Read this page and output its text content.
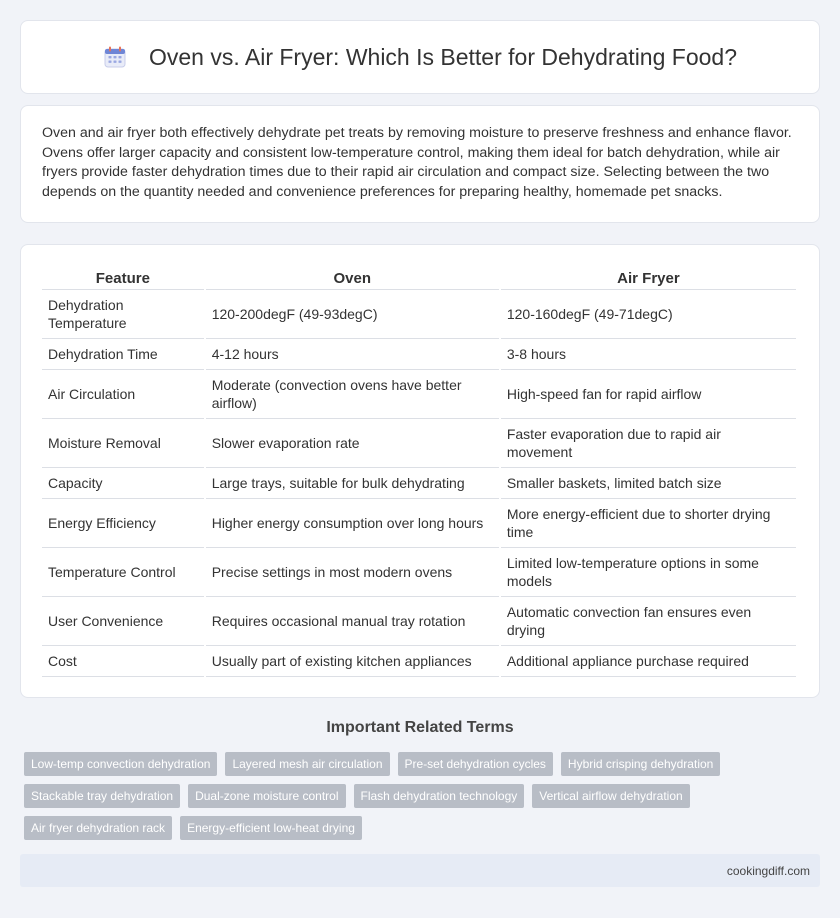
Oven vs. Air Fryer: Which Is Better for Dehydrating Food?

Oven and air fryer both effectively dehydrate pet treats by removing moisture to preserve freshness and enhance flavor. Ovens offer larger capacity and consistent low-temperature control, making them ideal for batch dehydration, while air fryers provide faster dehydration times due to their rapid air circulation and compact size. Selecting between the two depends on the quantity needed and convenience preferences for preparing healthy, homemade pet snacks.

Feature	Oven	Air Fryer
Dehydration Temperature	120-200degF (49-93degC)	120-160degF (49-71degC)
Dehydration Time	4-12 hours	3-8 hours
Air Circulation	Moderate (convection ovens have better airflow)	High-speed fan for rapid airflow
Moisture Removal	Slower evaporation rate	Faster evaporation due to rapid air movement
Capacity	Large trays, suitable for bulk dehydrating	Smaller baskets, limited batch size
Energy Efficiency	Higher energy consumption over long hours	More energy-efficient due to shorter drying time
Temperature Control	Precise settings in most modern ovens	Limited low-temperature options in some models
User Convenience	Requires occasional manual tray rotation	Automatic convection fan ensures even drying
Cost	Usually part of existing kitchen appliances	Additional appliance purchase required
Important Related Terms
Low-temp convection dehydration	Layered mesh air circulation	Pre-set dehydration cycles	Hybrid crisping dehydration
Stackable tray dehydration	Dual-zone moisture control	Flash dehydration technology	Vertical airflow dehydration
Air fryer dehydration rack	Energy-efficient low-heat drying
cookingdiff.com
